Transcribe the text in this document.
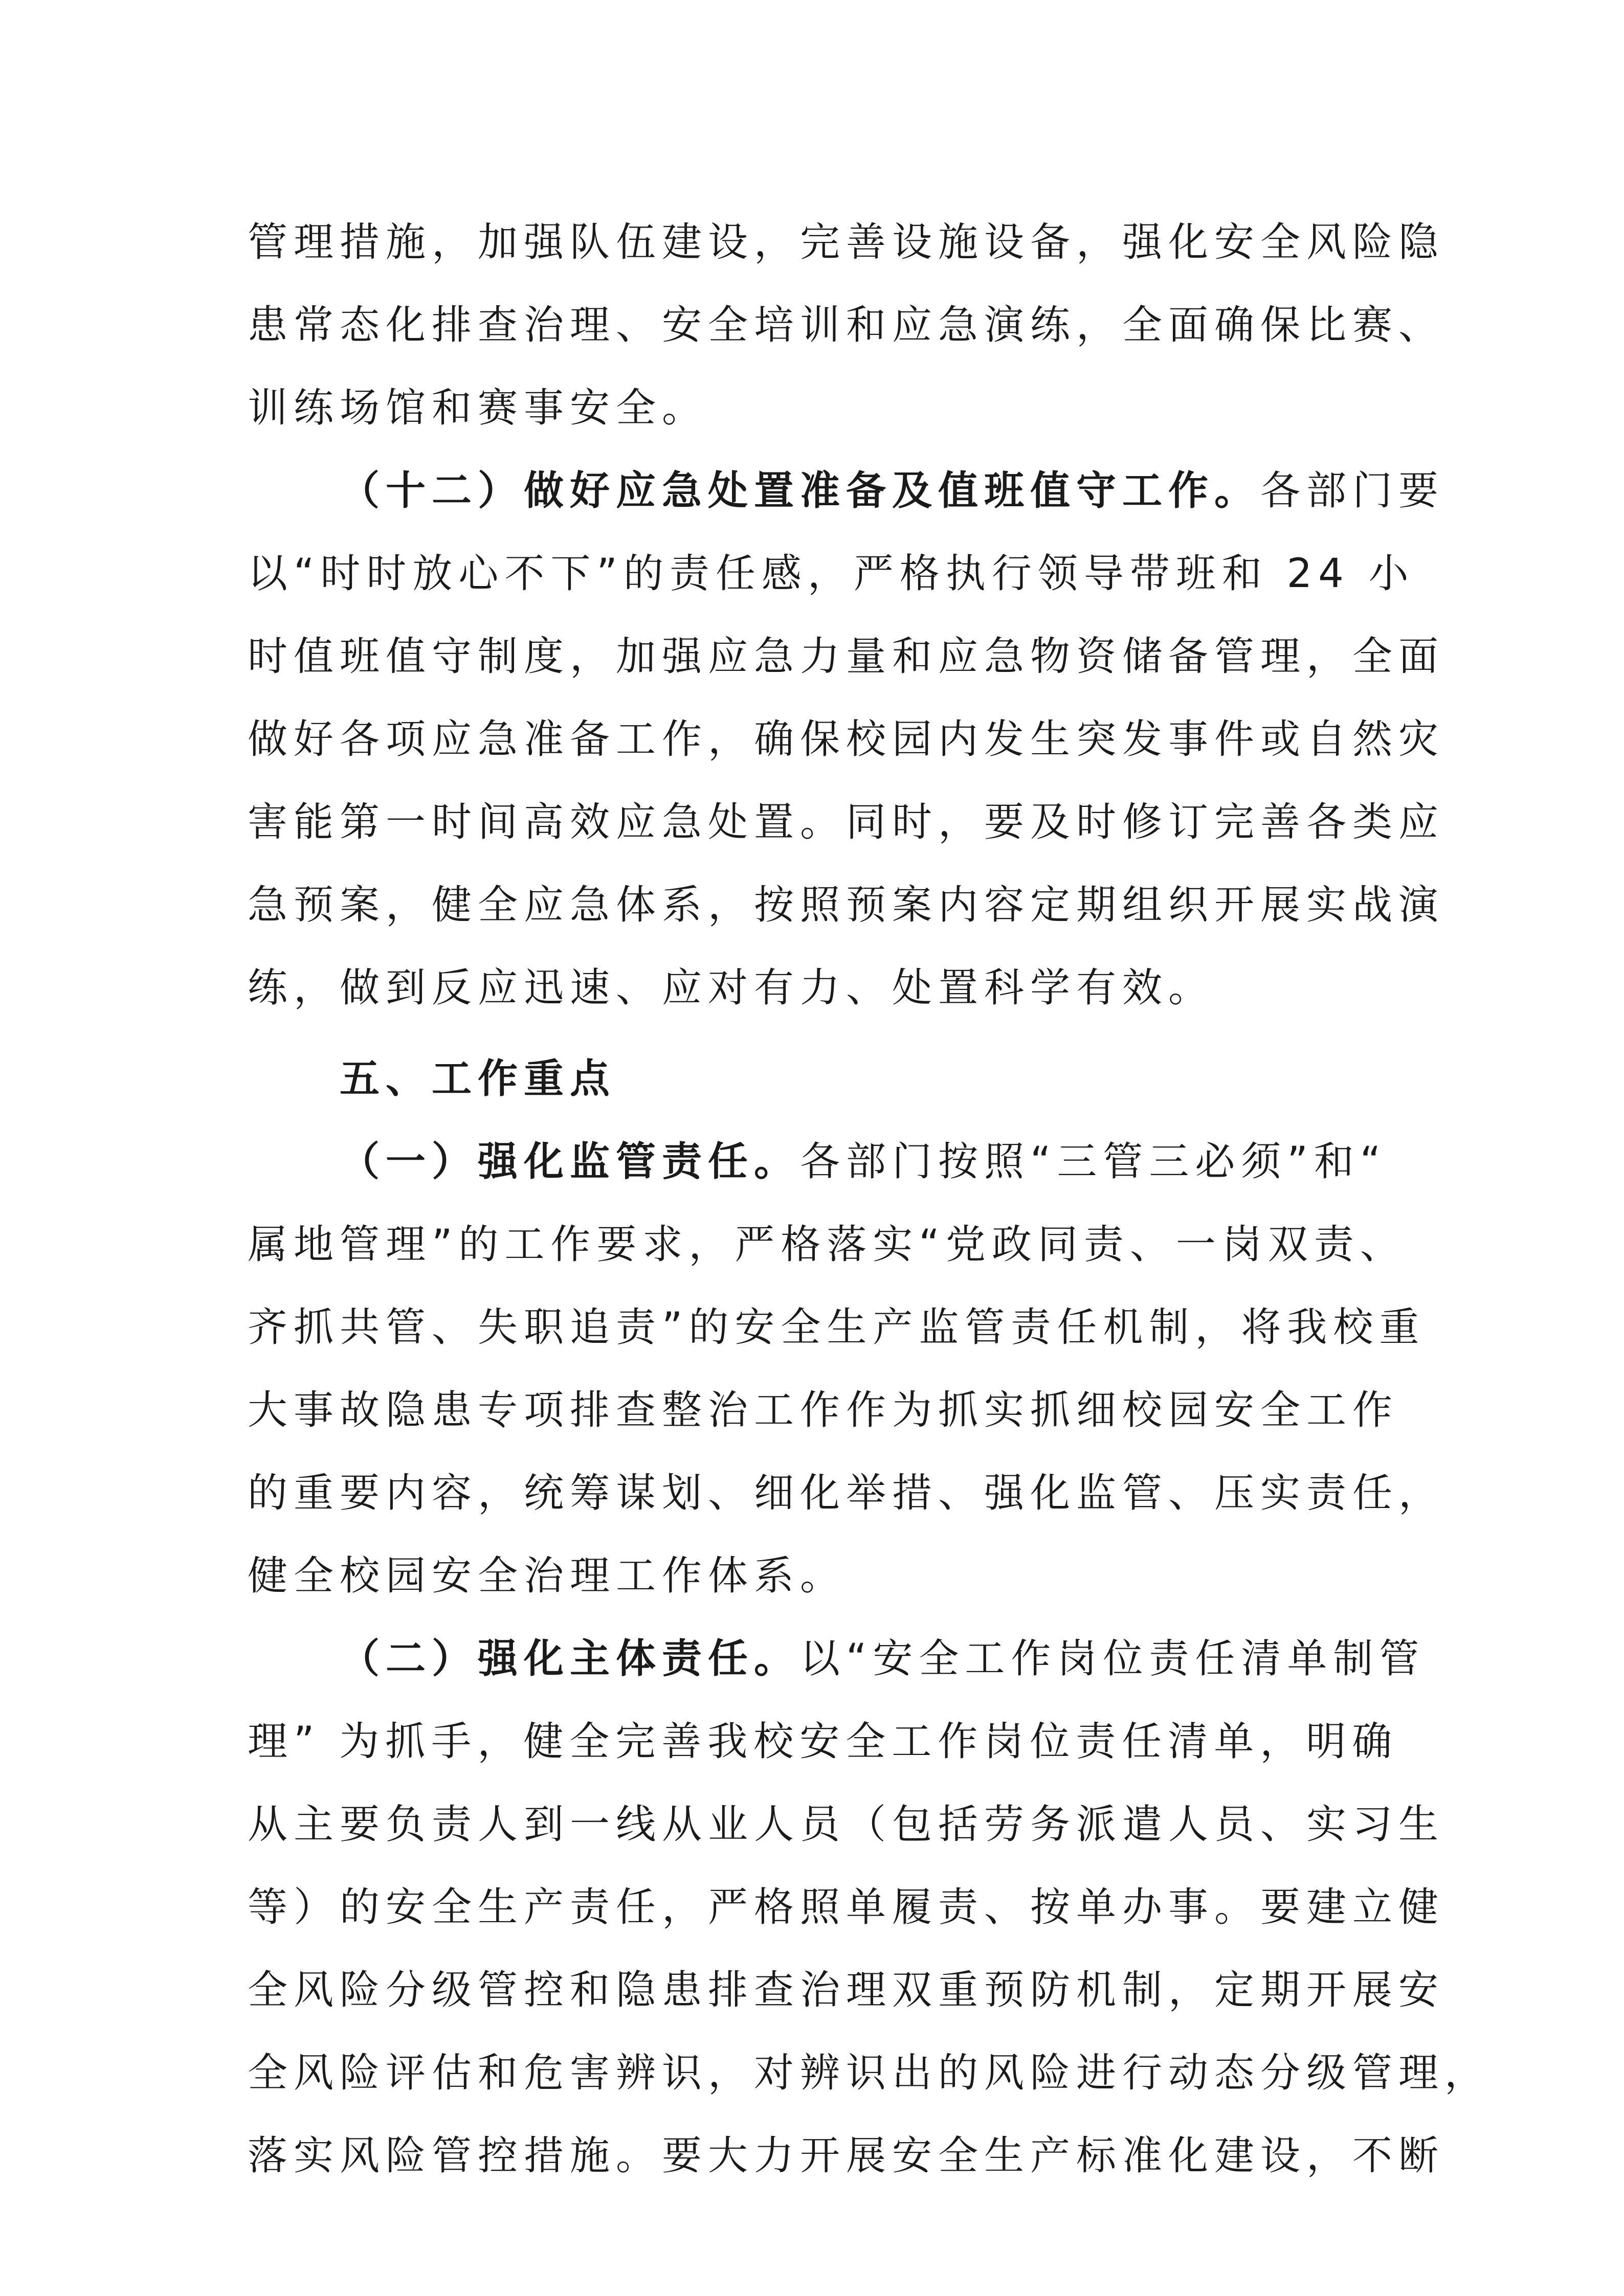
管理措施，加强队伍建设，完善设施设备，强化安全风险隐
患常态化排查治理、安全培训和应急演练，全面确保比赛、
训练场馆和赛事安全。
（十二）做好应急处置准备及值班值守工作。各部门要
以“时时放心不下”的责任感，严格执行领导带班和 24 小
时值班值守制度，加强应急力量和应急物资储备管理，全面
做好各项应急准备工作，确保校园内发生突发事件或自然灾
害能第一时间高效应急处置。同时，要及时修订完善各类应
急预案，健全应急体系，按照预案内容定期组织开展实战演
练，做到反应迅速、应对有力、处置科学有效。
五、工作重点
（一）强化监管责任。各部门按照“三管三必须”和“
属地管理”的工作要求，严格落实“党政同责、一岗双责、
齐抓共管、失职追责”的安全生产监管责任机制，将我校重
大事故隐患专项排查整治工作作为抓实抓细校园安全工作
的重要内容，统筹谋划、细化举措、强化监管、压实责任，
健全校园安全治理工作体系。
（二）强化主体责任。以“安全工作岗位责任清单制管
理” 为抓手，健全完善我校安全工作岗位责任清单，明确
从主要负责人到一线从业人员（包括劳务派遣人员、实习生
等）的安全生产责任，严格照单履责、按单办事。要建立健
全风险分级管控和隐患排查治理双重预防机制，定期开展安
全风险评估和危害辨识，对辨识出的风险进行动态分级管理，
落实风险管控措施。要大力开展安全生产标准化建设，不断
